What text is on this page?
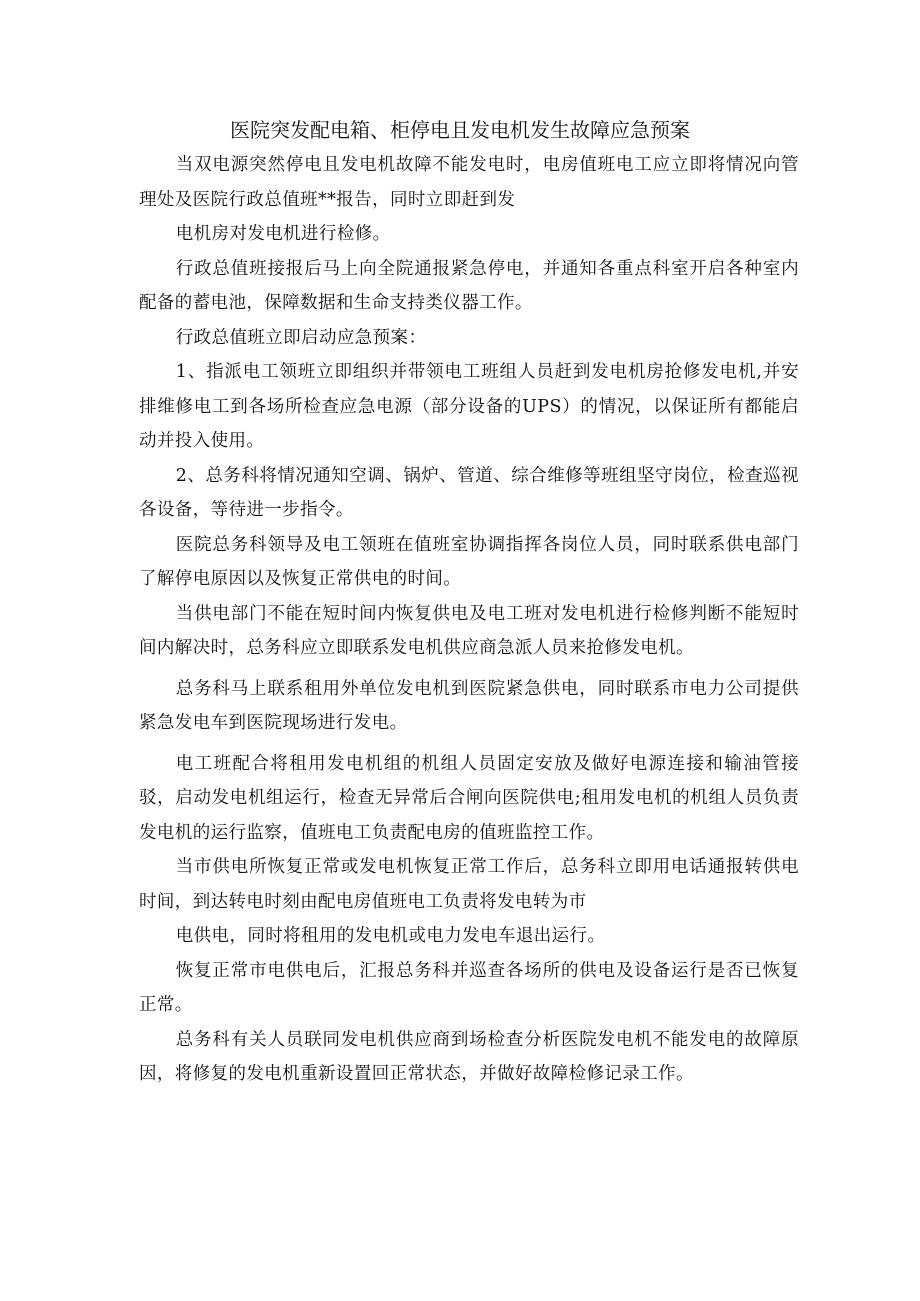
医院突发配电箱、柜停电且发电机发生故障应急预案

当双电源突然停电且发电机故障不能发电时，电房值班电工应立即将情况向管理处及医院行政总值班**报告，同时立即赶到发

电机房对发电机进行检修。

行政总值班接报后马上向全院通报紧急停电，并通知各重点科室开启各种室内配备的蓄电池，保障数据和生命支持类仪器工作。

行政总值班立即启动应急预案：

1、指派电工领班立即组织并带领电工班组人员赶到发电机房抢修发电机,并安排维修电工到各场所检查应急电源（部分设备的UPS）的情况，以保证所有都能启动并投入使用。

2、总务科将情况通知空调、锅炉、管道、综合维修等班组坚守岗位，检查巡视各设备，等待进一步指令。

医院总务科领导及电工领班在值班室协调指挥各岗位人员，同时联系供电部门了解停电原因以及恢复正常供电的时间。

当供电部门不能在短时间内恢复供电及电工班对发电机进行检修判断不能短时间内解决时，总务科应立即联系发电机供应商急派人员来抢修发电机。

总务科马上联系租用外单位发电机到医院紧急供电，同时联系市电力公司提供紧急发电车到医院现场进行发电。

电工班配合将租用发电机组的机组人员固定安放及做好电源连接和输油管接驳，启动发电机组运行，检查无异常后合闸向医院供电;租用发电机的机组人员负责发电机的运行监察，值班电工负责配电房的值班监控工作。

当市供电所恢复正常或发电机恢复正常工作后，总务科立即用电话通报转供电时间，到达转电时刻由配电房值班电工负责将发电转为市

电供电，同时将租用的发电机或电力发电车退出运行。

恢复正常市电供电后，汇报总务科并巡查各场所的供电及设备运行是否已恢复正常。

总务科有关人员联同发电机供应商到场检查分析医院发电机不能发电的故障原因，将修复的发电机重新设置回正常状态，并做好故障检修记录工作。
